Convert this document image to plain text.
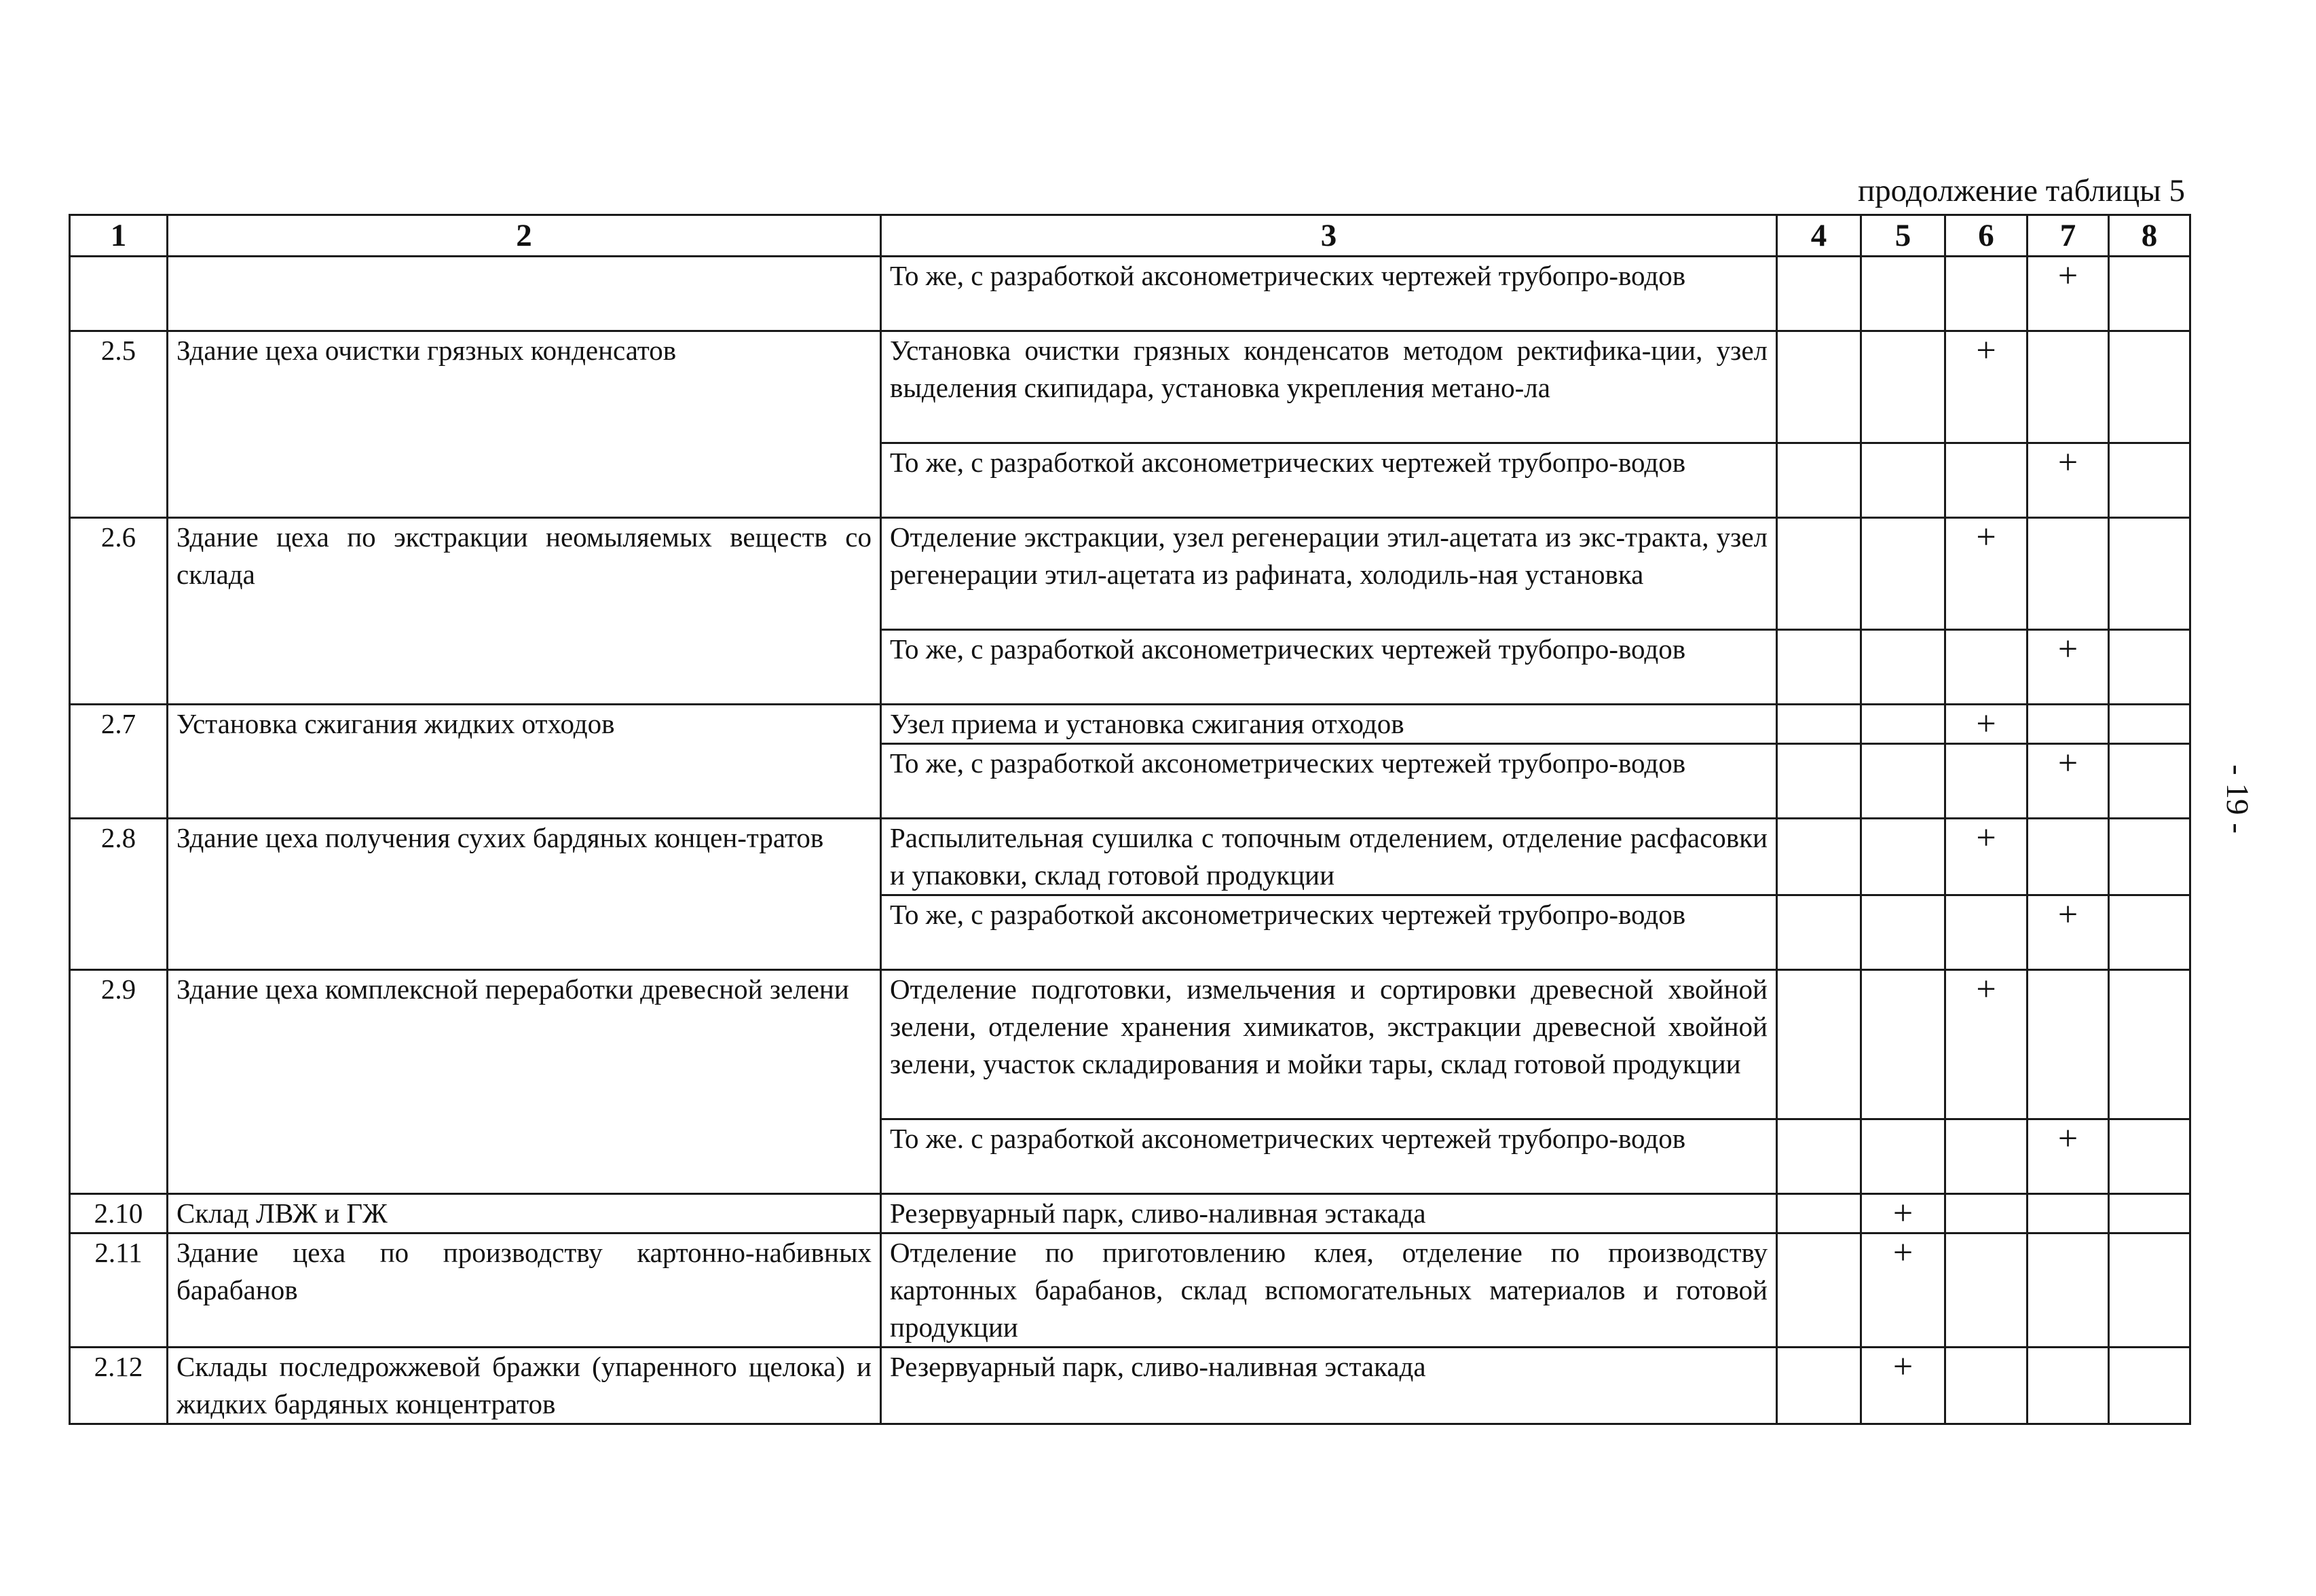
продолжение таблицы 5
1	2	3	4	5	6	7	8
		То же, с разработкой аксонометрических чертежей трубопро-водов				+	
2.5	Здание цеха очистки грязных конденсатов	Установка очистки грязных конденсатов методом ректифика-ции, узел выделения скипидара, установка укрепления метано-ла			+		
		То же, с разработкой аксонометрических чертежей трубопро-водов				+	
2.6	Здание цеха по экстракции неомыляемых веществ со склада	Отделение экстракции, узел регенерации этил-ацетата из экс-тракта, узел регенерации этил-ацетата из рафината, холодиль-ная установка			+		
		То же, с разработкой аксонометрических чертежей трубопро-водов				+	
2.7	Установка сжигания жидких отходов	Узел приема и установка сжигания отходов			+		
		То же, с разработкой аксонометрических чертежей трубопро-водов				+	
2.8	Здание цеха получения сухих бардяных концен-тратов	Распылительная сушилка с топочным отделением, отделение расфасовки и упаковки, склад готовой продукции			+		
		То же, с разработкой аксонометрических чертежей трубопро-водов				+	
2.9	Здание цеха комплексной переработки древесной зелени	Отделение подготовки, измельчения и сортировки древесной хвойной зелени, отделение хранения химикатов, экстракции древесной хвойной зелени, участок складирования и мойки тары, склад готовой продукции			+		
		То же. с разработкой аксонометрических чертежей трубопро-водов				+	
2.10	Склад ЛВЖ и ГЖ	Резервуарный парк, сливо-наливная эстакада		+			
2.11	Здание цеха по производству картонно-набивных барабанов	Отделение по приготовлению клея, отделение по производству картонных барабанов, склад вспомогательных материалов и готовой продукции		+			
2.12	Склады последрожжевой бражки (упаренного щелока) и жидких бардяных концентратов	Резервуарный парк, сливо-наливная эстакада		+			
- 19 -
